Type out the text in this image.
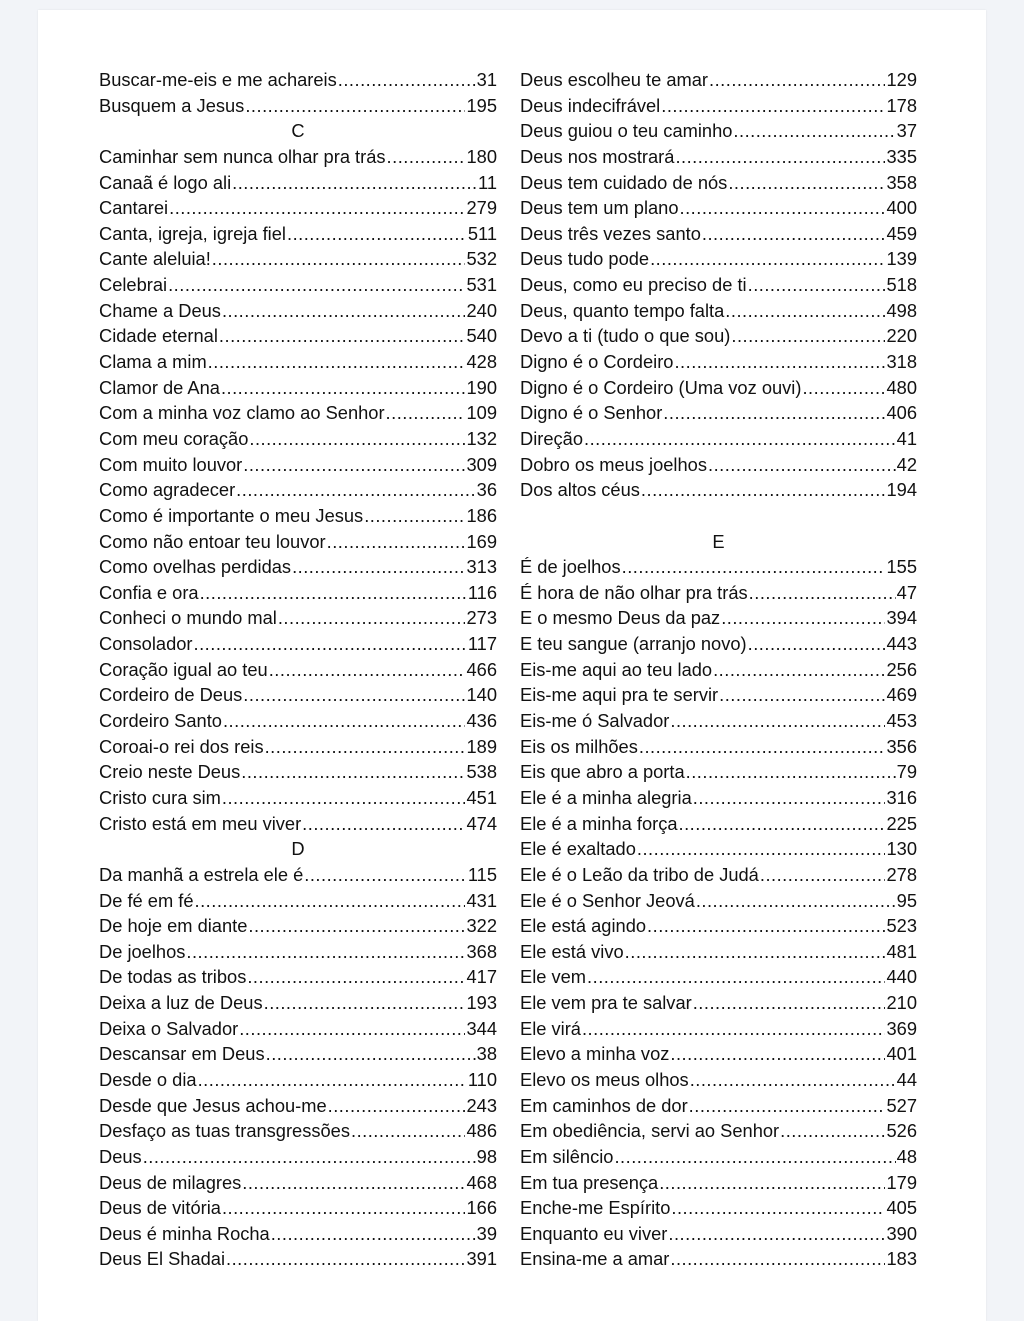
Buscar-me-eis e me achareis .....	31
Busquem a Jesus .....	195
C
Caminhar sem nunca olhar pra trás .....	180
Canaã é logo ali .....	11
Cantarei .....	279
Canta, igreja, igreja fiel .....	511
Cante aleluia! .....	532
Celebrai .....	531
Chame a Deus .....	240
Cidade eternal .....	540
Clama a mim .....	428
Clamor de Ana .....	190
Com a minha voz clamo ao Senhor .....	109
Com meu coração .....	132
Com muito louvor .....	309
Como agradecer .....	36
Como é importante o meu Jesus .....	186
Como não entoar teu louvor .....	169
Como ovelhas perdidas .....	313
Confia e ora .....	116
Conheci o mundo mal .....	273
Consolador .....	117
Coração igual ao teu .....	466
Cordeiro de Deus .....	140
Cordeiro Santo .....	436
Coroai-o rei dos reis .....	189
Creio neste Deus .....	538
Cristo cura sim .....	451
Cristo está em meu viver .....	474
D
Da manhã a estrela ele é .....	115
De fé em fé .....	431
De hoje em diante .....	322
De joelhos .....	368
De todas as tribos .....	417
Deixa a luz de Deus .....	193
Deixa o Salvador .....	344
Descansar em Deus .....	38
Desde o dia .....	110
Desde que Jesus achou-me .....	243
Desfaço as tuas transgressões .....	486
Deus .....	98
Deus de milagres .....	468
Deus de vitória .....	166
Deus é minha Rocha .....	39
Deus El Shadai .....	391
Deus escolheu te amar .....	129
Deus indecifrável .....	178
Deus guiou o teu caminho .....	37
Deus nos mostrará .....	335
Deus tem cuidado de nós .....	358
Deus tem um plano .....	400
Deus três vezes santo .....	459
Deus tudo pode .....	139
Deus, como eu preciso de ti .....	518
Deus, quanto tempo falta .....	498
Devo a ti (tudo o que sou) .....	220
Digno é o Cordeiro .....	318
Digno é o Cordeiro (Uma voz ouvi) .....	480
Digno é o Senhor .....	406
Direção .....	41
Dobro os meus joelhos .....	42
Dos altos céus .....	194
E
É de joelhos .....	155
É hora de não olhar pra trás .....	47
E o mesmo Deus da paz .....	394
E teu sangue (arranjo novo) .....	443
Eis-me aqui ao teu lado .....	256
Eis-me aqui pra te servir .....	469
Eis-me ó Salvador .....	453
Eis os milhões .....	356
Eis que abro a porta .....	79
Ele é a minha alegria .....	316
Ele é a minha força .....	225
Ele é exaltado .....	130
Ele é o Leão da tribo de Judá .....	278
Ele é o Senhor Jeová .....	95
Ele está agindo .....	523
Ele está vivo .....	481
Ele vem .....	440
Ele vem pra te salvar .....	210
Ele virá .....	369
Elevo a minha voz .....	401
Elevo os meus olhos .....	44
Em caminhos de dor .....	527
Em obediência, servi ao Senhor .....	526
Em silêncio .....	48
Em tua presença .....	179
Enche-me Espírito .....	405
Enquanto eu viver .....	390
Ensina-me a amar .....	183
